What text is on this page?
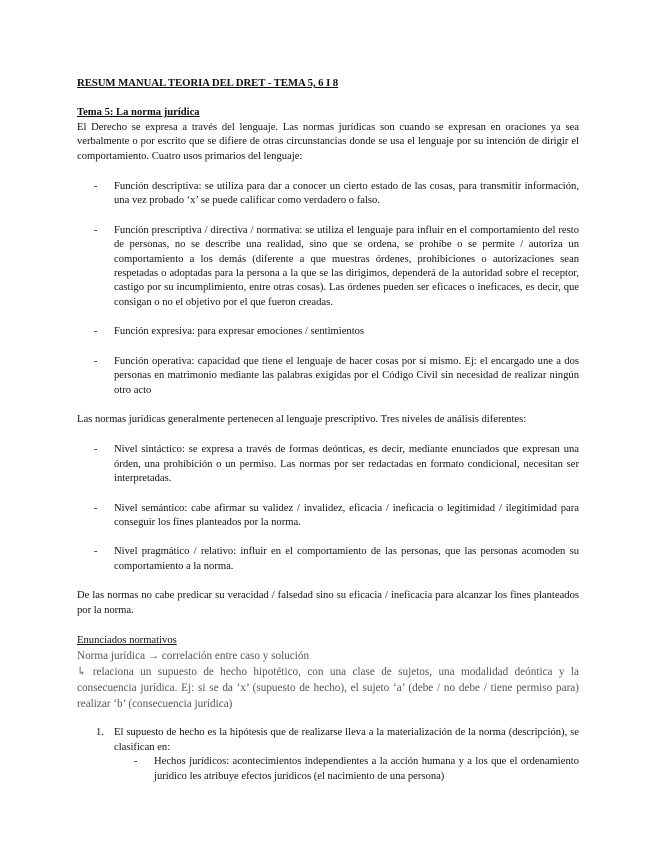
RESUM MANUAL TEORIA DEL DRET - TEMA 5, 6 I 8
Tema 5: La norma jurídica

El Derecho se expresa a través del lenguaje. Las normas jurídicas son cuando se expresan en oraciones ya sea verbalmente o por escrito que se difiere de otras circunstancias donde se usa el lenguaje por su intención de dirigir el comportamiento. Cuatro usos primarios del lenguaje:

- Función descriptiva: se utiliza para dar a conocer un cierto estado de las cosas, para transmitir información, una vez probado ‘x’ se puede calificar como verdadero o falso.
- Función prescriptiva / directiva / normativa: se utiliza el lenguaje para influir en el comportamiento del resto de personas, no se describe una realidad, sino que se ordena, se prohíbe o se permite / autoriza un comportamiento a los demás (diferente a que muestras órdenes, prohibiciones o autorizaciones sean respetadas o adoptadas para la persona a la que se las dirigimos, dependerá de la autoridad sobre el receptor, castigo por su incumplimiento, entre otras cosas). Las órdenes pueden ser eficaces o ineficaces, es decir, que consigan o no el objetivo por el que fueron creadas.
- Función expresiva: para expresar emociones / sentimientos
- Función operativa: capacidad que tiene el lenguaje de hacer cosas por sí mismo. Ej: el encargado une a dos personas en matrimonio mediante las palabras exigidas por el Código Civil sin necesidad de realizar ningún otro acto

Las normas jurídicas generalmente pertenecen al lenguaje prescriptivo. Tres niveles de análisis diferentes:

- Nivel sintáctico: se expresa a través de formas deónticas, es decir, mediante enunciados que expresan una órden, una prohibición o un permiso. Las normas por ser redactadas en formato condicional, necesitan ser interpretadas.
- Nivel semántico: cabe afirmar su validez / invalidez, eficacia / ineficacia o legitimidad / ilegitimidad para conseguir los fines planteados por la norma.
- Nivel pragmático / relativo: influir en el comportamiento de las personas, que las personas acomoden su comportamiento a la norma.

De las normas no cabe predicar su veracidad / falsedad sino su eficacia / ineficacia para alcanzar los fines planteados por la norma.

Enunciados normativos

Norma jurídica → correlación entre caso y solución

↳ relaciona un supuesto de hecho hipotético, con una clase de sujetos, una modalidad deóntica y la consecuencia jurídica. Ej: si se da ‘x’ (supuesto de hecho), el sujeto ‘a’ (debe / no debe / tiene permiso para) realizar ‘b’ (consecuencia jurídica)

1. El supuesto de hecho es la hipótesis que de realizarse lleva a la materialización de la norma (descripción), se clasifican en:
- Hechos jurídicos: acontecimientos independientes a la acción humana y a los que el ordenamiento jurídico les atribuye efectos jurídicos (el nacimiento de una persona)
